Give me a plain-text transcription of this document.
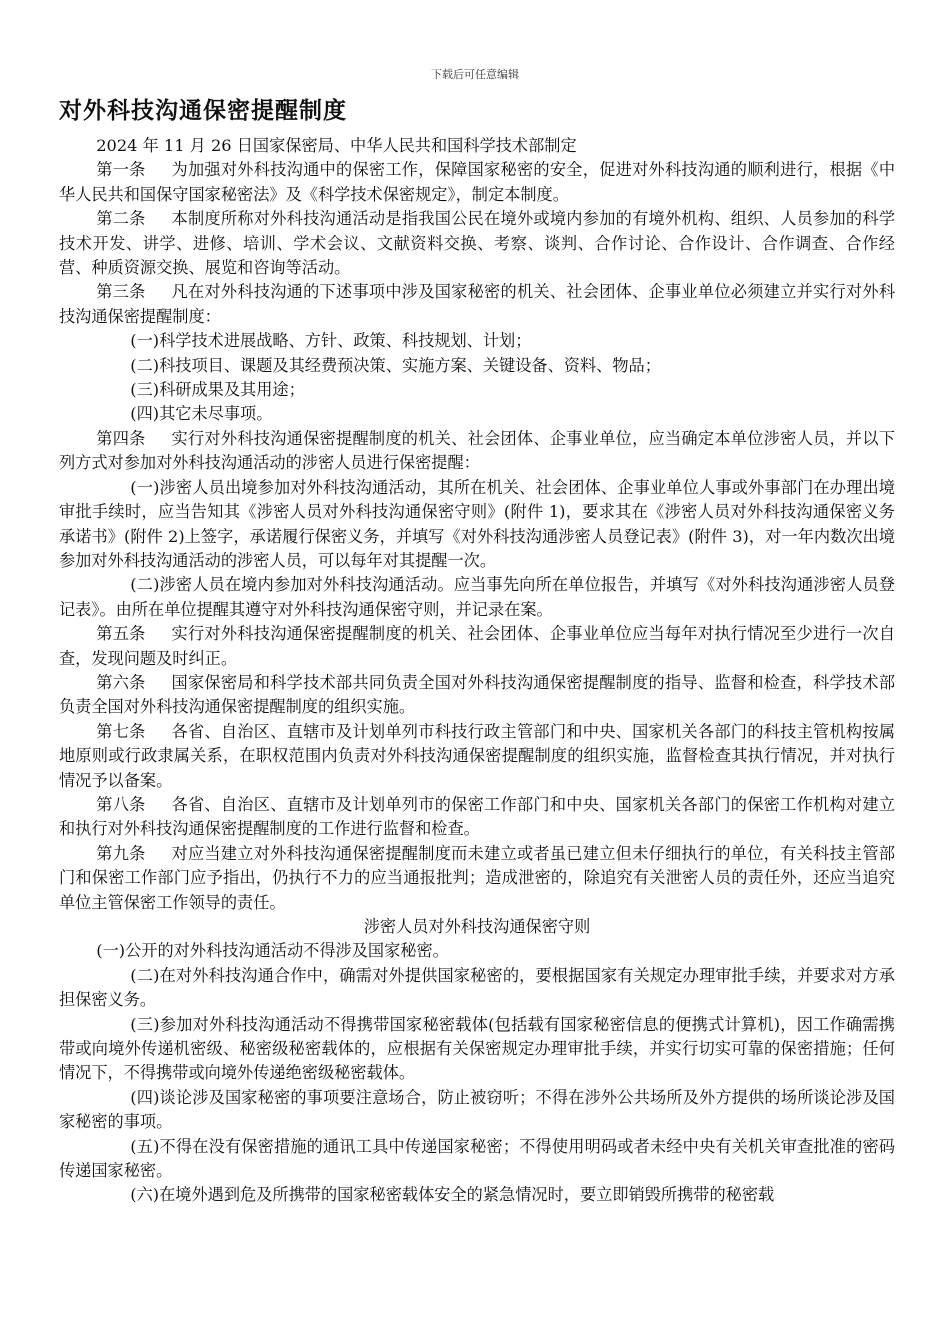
下载后可任意编辑
对外科技沟通保密提醒制度

2024 年 11 月 26 日国家保密局、中华人民共和国科学技术部制定

第一条 为加强对外科技沟通中的保密工作，保障国家秘密的安全，促进对外科技沟通的顺利进行，根据《中华人民共和国保守国家秘密法》及《科学技术保密规定》，制定本制度。

第二条 本制度所称对外科技沟通活动是指我国公民在境外或境内参加的有境外机构、组织、人员参加的科学技术开发、讲学、进修、培训、学术会议、文献资料交换、考察、谈判、合作讨论、合作设计、合作调查、合作经营、种质资源交换、展览和咨询等活动。

第三条 凡在对外科技沟通的下述事项中涉及国家秘密的机关、社会团体、企事业单位必须建立并实行对外科技沟通保密提醒制度：

(一)科学技术进展战略、方针、政策、科技规划、计划；

(二)科技项目、课题及其经费预决策、实施方案、关键设备、资料、物品；

(三)科研成果及其用途；

(四)其它未尽事项。

第四条 实行对外科技沟通保密提醒制度的机关、社会团体、企事业单位，应当确定本单位涉密人员，并以下列方式对参加对外科技沟通活动的涉密人员进行保密提醒：

(一)涉密人员出境参加对外科技沟通活动，其所在机关、社会团体、企事业单位人事或外事部门在办理出境审批手续时，应当告知其《涉密人员对外科技沟通保密守则》(附件 1)，要求其在《涉密人员对外科技沟通保密义务承诺书》(附件 2)上签字，承诺履行保密义务，并填写《对外科技沟通涉密人员登记表》(附件 3)，对一年内数次出境参加对外科技沟通活动的涉密人员，可以每年对其提醒一次。

(二)涉密人员在境内参加对外科技沟通活动。应当事先向所在单位报告，并填写《对外科技沟通涉密人员登记表》。由所在单位提醒其遵守对外科技沟通保密守则，并记录在案。

第五条 实行对外科技沟通保密提醒制度的机关、社会团体、企事业单位应当每年对执行情况至少进行一次自查，发现问题及时纠正。

第六条 国家保密局和科学技术部共同负责全国对外科技沟通保密提醒制度的指导、监督和检查，科学技术部负责全国对外科技沟通保密提醒制度的组织实施。

第七条 各省、自治区、直辖市及计划单列市科技行政主管部门和中央、国家机关各部门的科技主管机构按属地原则或行政隶属关系，在职权范围内负责对外科技沟通保密提醒制度的组织实施，监督检查其执行情况，并对执行情况予以备案。

第八条 各省、自治区、直辖市及计划单列市的保密工作部门和中央、国家机关各部门的保密工作机构对建立和执行对外科技沟通保密提醒制度的工作进行监督和检查。

第九条 对应当建立对外科技沟通保密提醒制度而未建立或者虽已建立但未仔细执行的单位，有关科技主管部门和保密工作部门应予指出，仍执行不力的应当通报批判；造成泄密的，除追究有关泄密人员的责任外，还应当追究单位主管保密工作领导的责任。

涉密人员对外科技沟通保密守则

(一)公开的对外科技沟通活动不得涉及国家秘密。

(二)在对外科技沟通合作中，确需对外提供国家秘密的，要根据国家有关规定办理审批手续，并要求对方承担保密义务。

(三)参加对外科技沟通活动不得携带国家秘密载体(包括载有国家秘密信息的便携式计算机)，因工作确需携带或向境外传递机密级、秘密级秘密载体的，应根据有关保密规定办理审批手续，并实行切实可靠的保密措施；任何情况下，不得携带或向境外传递绝密级秘密载体。

(四)谈论涉及国家秘密的事项要注意场合，防止被窃听；不得在涉外公共场所及外方提供的场所谈论涉及国家秘密的事项。

(五)不得在没有保密措施的通讯工具中传递国家秘密；不得使用明码或者未经中央有关机关审查批准的密码传递国家秘密。

(六)在境外遇到危及所携带的国家秘密载体安全的紧急情况时，要立即销毁所携带的秘密载
